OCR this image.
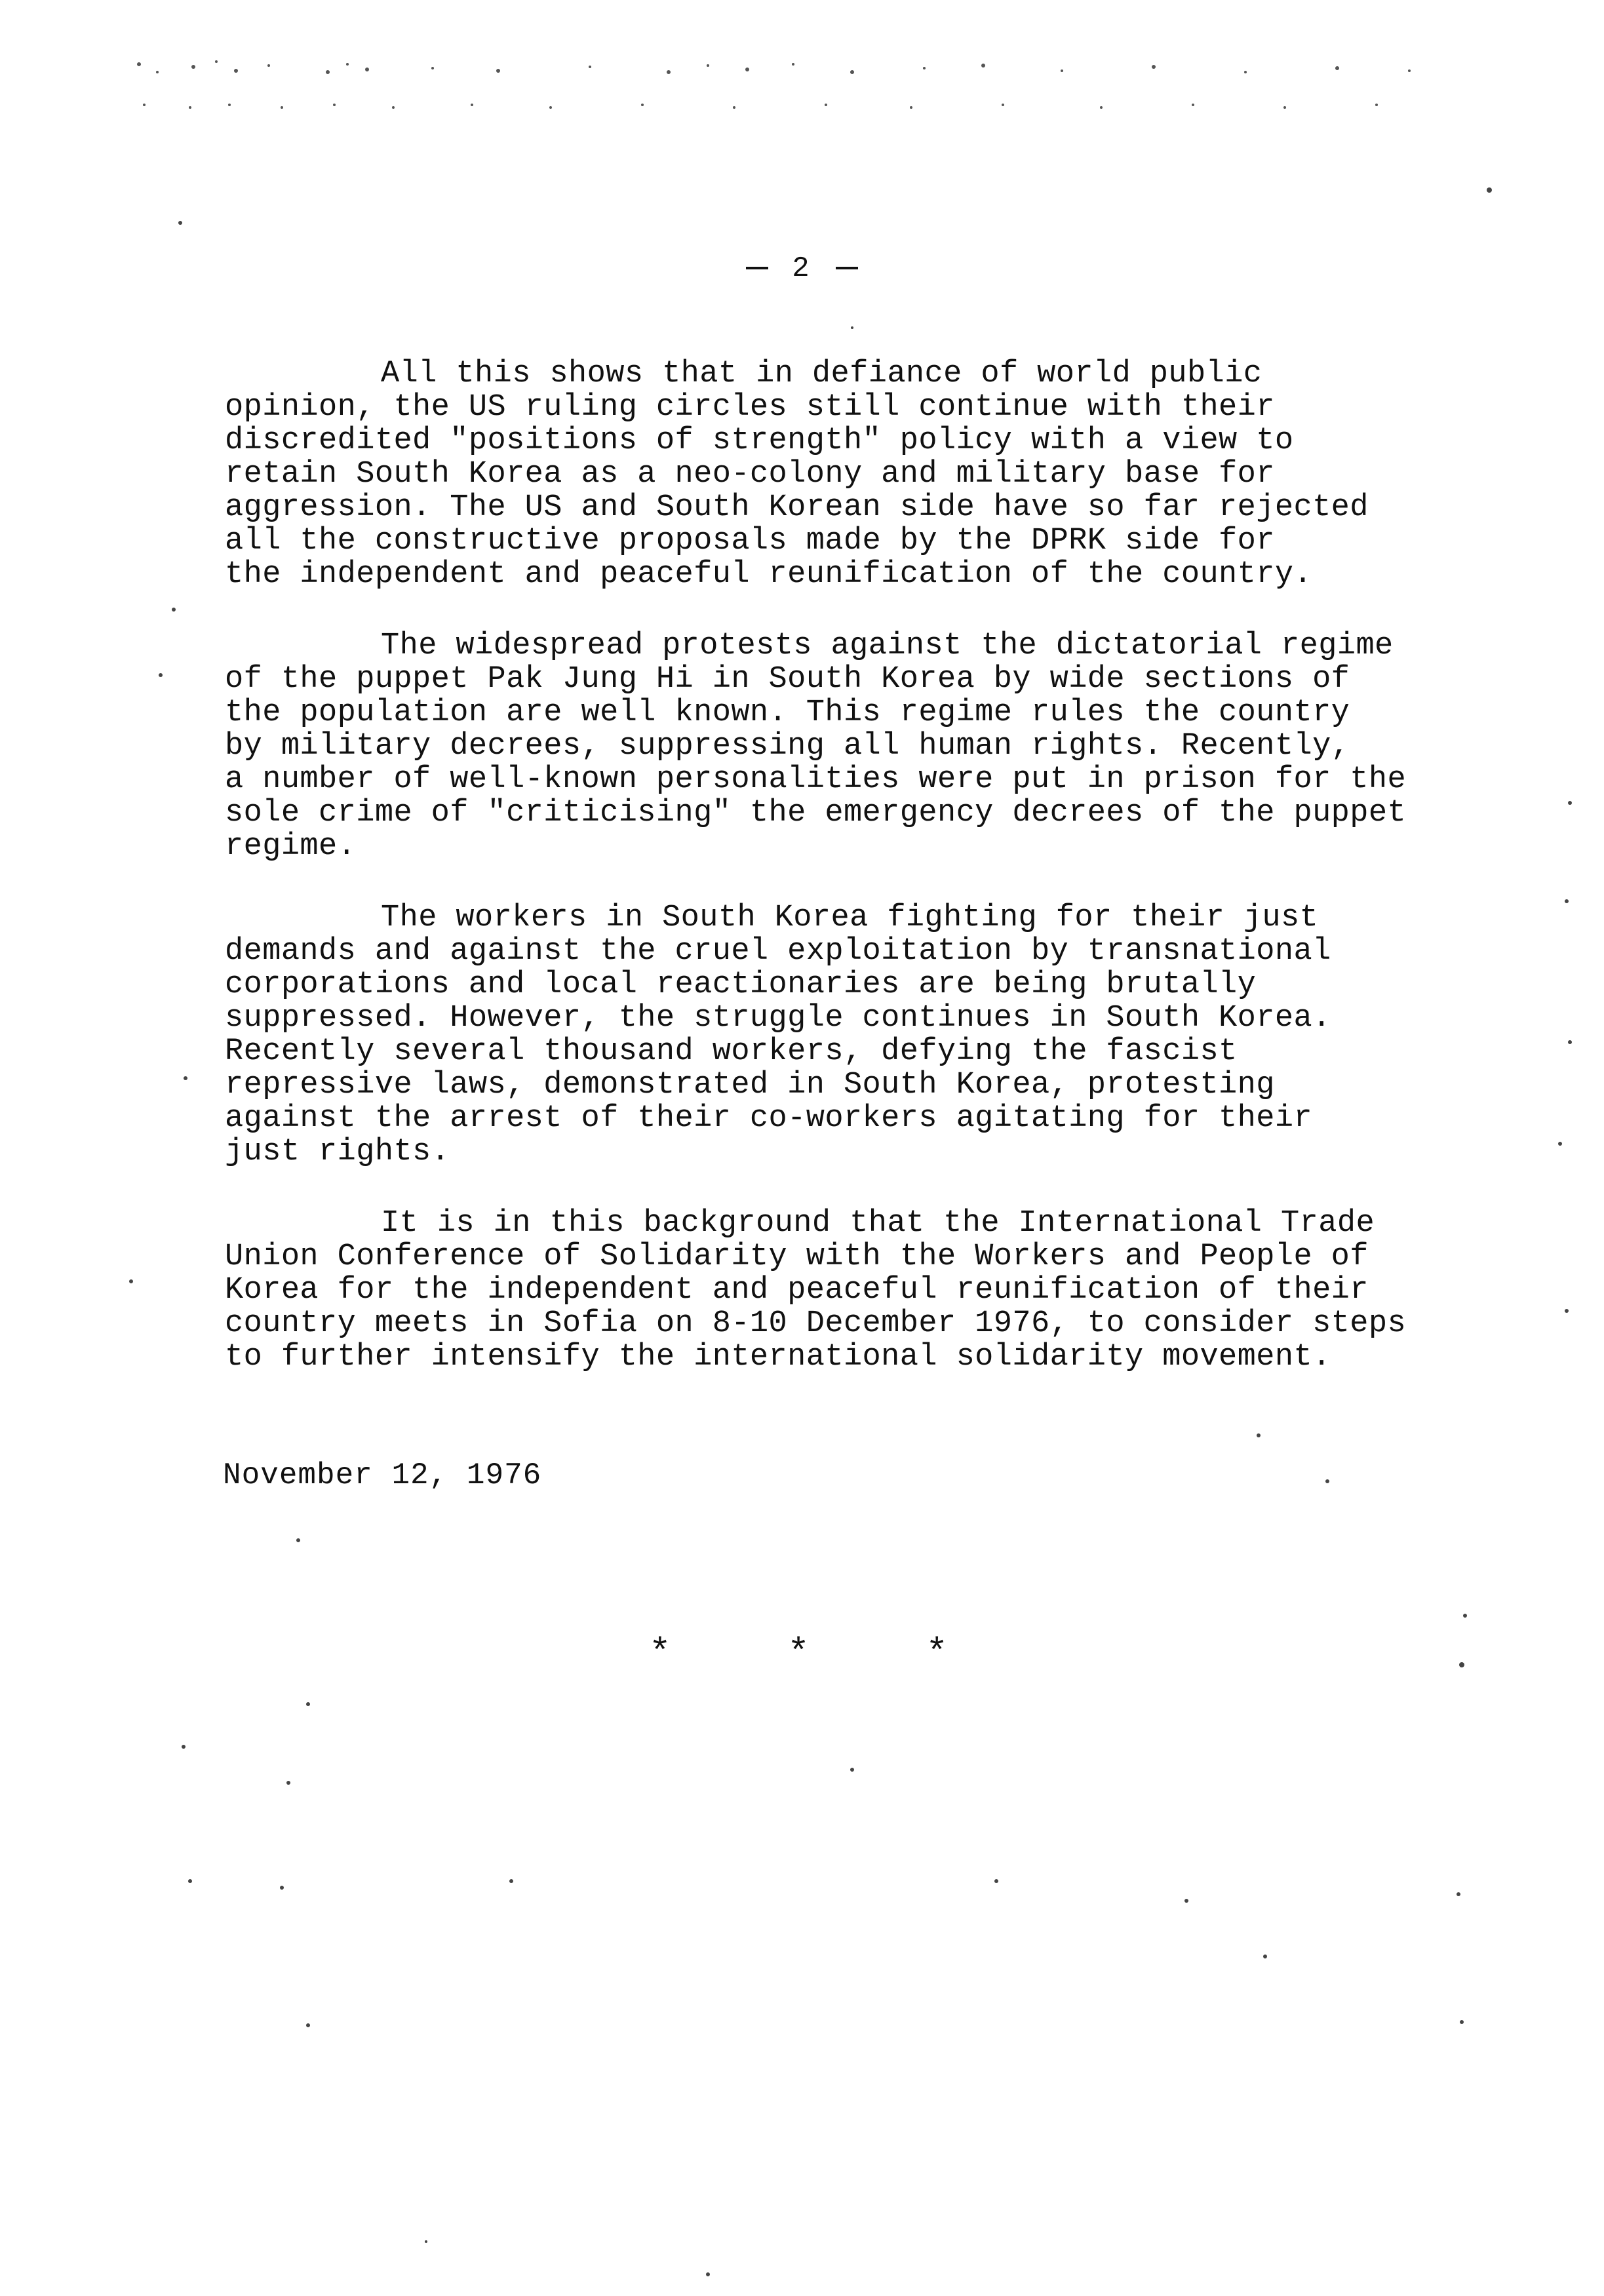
2

All this shows that in defiance of world public
opinion, the US ruling circles still continue with their
discredited "positions of strength" policy with a view to
retain South Korea as a neo-colony and military base for
aggression. The US and South Korean side have so far rejected
all the constructive proposals made by the DPRK side for
the independent and peaceful reunification of the country.

The widespread protests against the dictatorial regime
of the puppet Pak Jung Hi in South Korea by wide sections of
the population are well known. This regime rules the country
by military decrees, suppressing all human rights. Recently,
a number of well-known personalities were put in prison for the
sole crime of "criticising" the emergency decrees of the puppet
regime.

The workers in South Korea fighting for their just
demands and against the cruel exploitation by transnational
corporations and local reactionaries are being brutally
suppressed. However, the struggle continues in South Korea.
Recently several thousand workers, defying the fascist
repressive laws, demonstrated in South Korea, protesting
against the arrest of their co-workers agitating for their
just rights.

It is in this background that the International Trade
Union Conference of Solidarity with the Workers and People of
Korea for the independent and peaceful reunification of their
country meets in Sofia on 8-10 December 1976, to consider steps
to further intensify the international solidarity movement.

November 12, 1976
* * *
